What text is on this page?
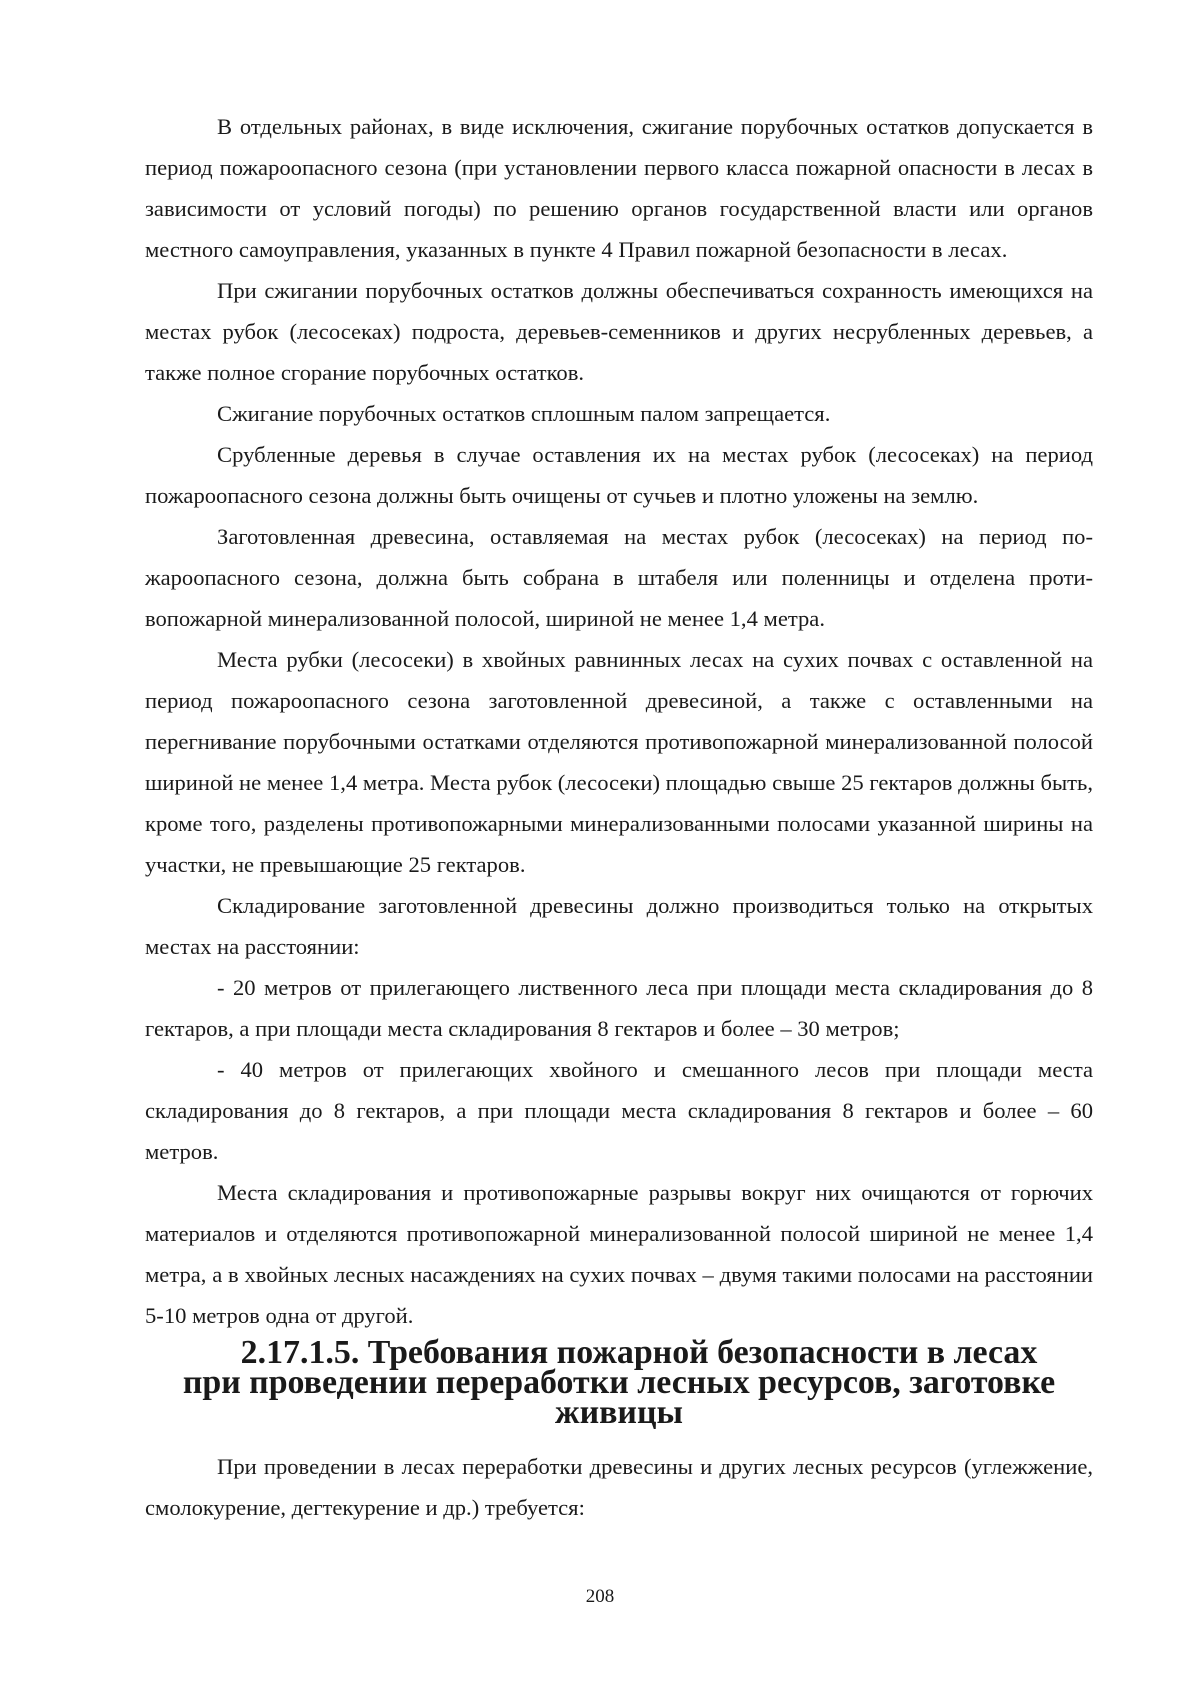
В отдельных районах, в виде исключения, сжигание порубочных остатков допускается в период пожароопасного сезона (при установлении первого класса пожарной опасности в лесах в зависимости от условий погоды) по решению органов государственной власти или органов местного самоуправления, указанных в пункте 4 Правил пожарной безопасности в лесах.

При сжигании порубочных остатков должны обеспечиваться сохранность имеющихся на местах рубок (лесосеках) подроста, деревьев-семенников и других несрубленных деревьев, а также полное сгорание порубочных остатков.

Сжигание порубочных остатков сплошным палом запрещается.

Срубленные деревья в случае оставления их на местах рубок (лесосеках) на период пожароопасного сезона должны быть очищены от сучьев и плотно уложены на землю.

Заготовленная древесина, оставляемая на местах рубок (лесосеках) на период пожароопасного сезона, должна быть собрана в штабеля или поленницы и отделена противопожарной минерализованной полосой, шириной не менее 1,4 метра.

Места рубки (лесосеки) в хвойных равнинных лесах на сухих почвах с оставленной на период пожароопасного сезона заготовленной древесиной, а также с оставленными на перегнивание порубочными остатками отделяются противопожарной минерализованной полосой шириной не менее 1,4 метра. Места рубок (лесосеки) площадью свыше 25 гектаров должны быть, кроме того, разделены противопожарными минерализованными полосами указанной ширины на участки, не превышающие 25 гектаров.

Складирование заготовленной древесины должно производиться только на открытых местах на расстоянии:

- 20 метров от прилегающего лиственного леса при площади места складирования до 8 гектаров, а при площади места складирования 8 гектаров и более – 30 метров;

- 40 метров от прилегающих хвойного и смешанного лесов при площади места складирования до 8 гектаров, а при площади места складирования 8 гектаров и более – 60 метров.

Места складирования и противопожарные разрывы вокруг них очищаются от горючих материалов и отделяются противопожарной минерализованной полосой шириной не менее 1,4 метра, а в хвойных лесных насаждениях на сухих почвах – двумя такими полосами на расстоянии 5-10 метров одна от другой.

2.17.1.5. Требования пожарной безопасности в лесах
при проведении переработки лесных ресурсов, заготовке живицы

При проведении в лесах переработки древесины и других лесных ресурсов (углежжение, смолокурение, дегтекурение и др.) требуется:

208
